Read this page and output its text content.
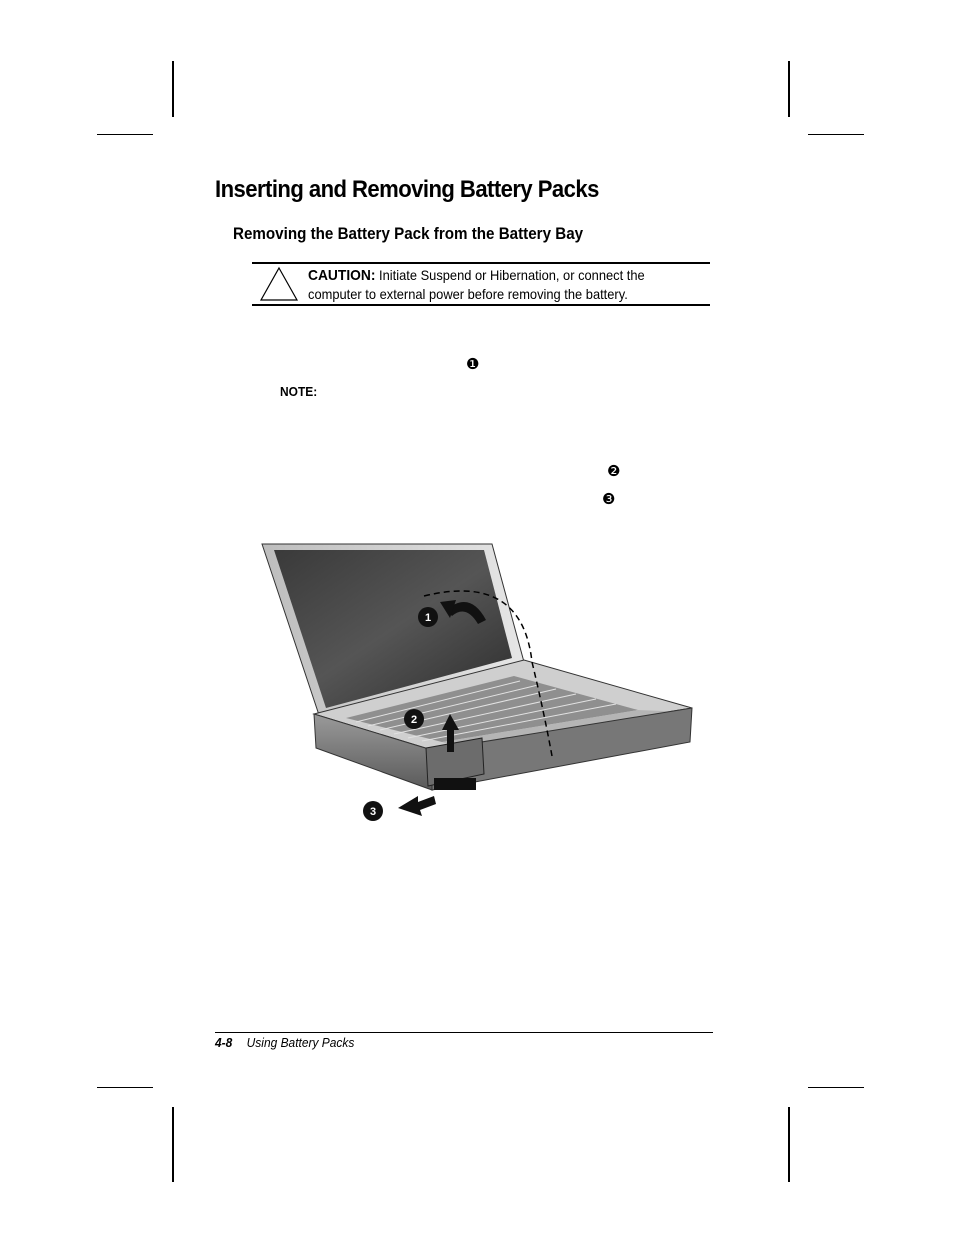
Inserting and Removing Battery Packs
Removing the Battery Pack from the Battery Bay
CAUTION: Initiate Suspend or Hibernation, or connect the computer to external power before removing the battery.
❶
NOTE:
❷
❸
1
2
3
4-8 Using Battery Packs
